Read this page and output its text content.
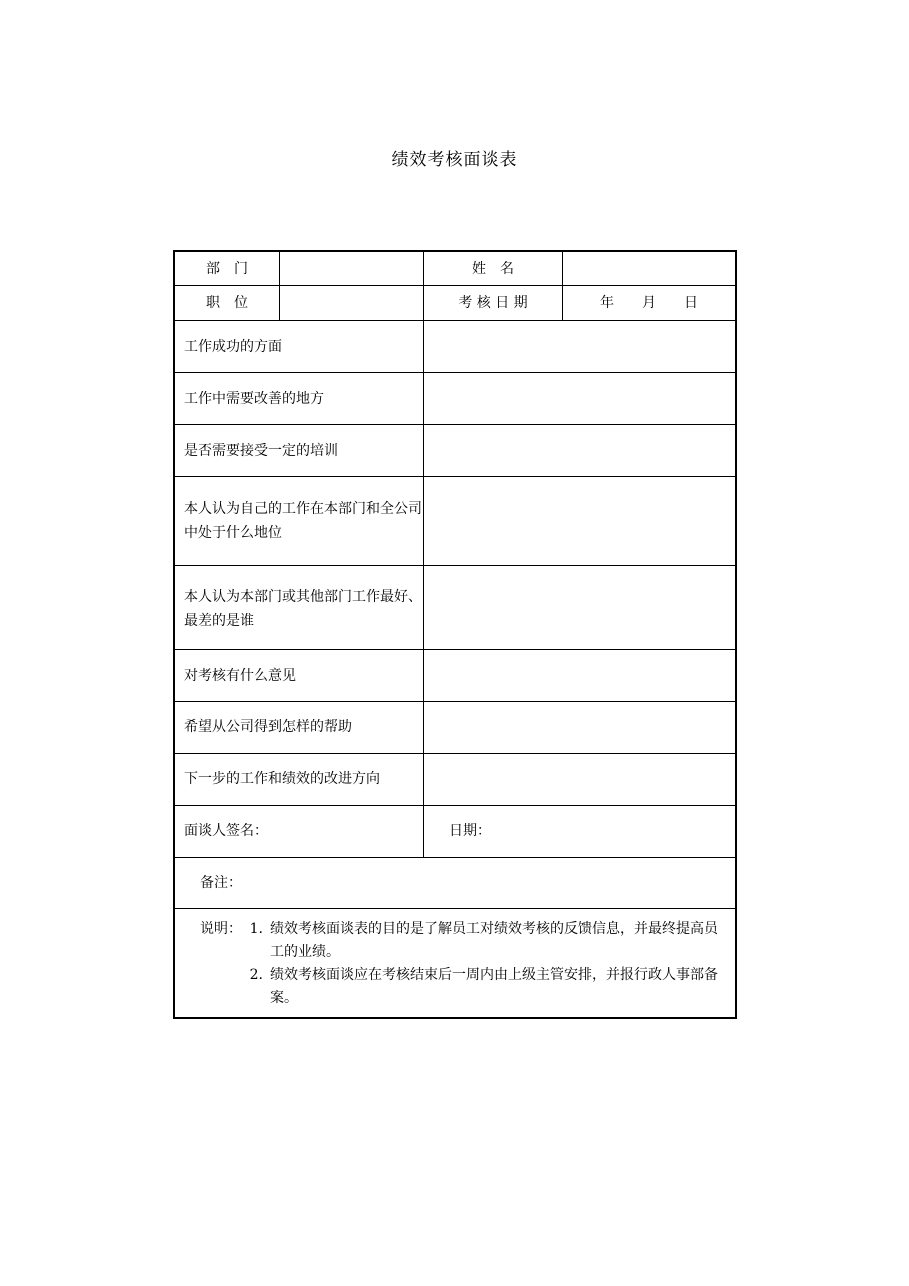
绩效考核面谈表
部　门	姓　名
职　位	考 核 日 期	年　　月　　日
工作成功的方面
工作中需要改善的地方
是否需要接受一定的培训
本人认为自己的工作在本部门和全公司中处于什么地位
本人认为本部门或其他部门工作最好、最差的是谁
对考核有什么意见
希望从公司得到怎样的帮助
下一步的工作和绩效的改进方向
面谈人签名：	日期：
备注：
说明： 1. 绩效考核面谈表的目的是了解员工对绩效考核的反馈信息，并最终提高员工的业绩。
2. 绩效考核面谈应在考核结束后一周内由上级主管安排，并报行政人事部备案。
